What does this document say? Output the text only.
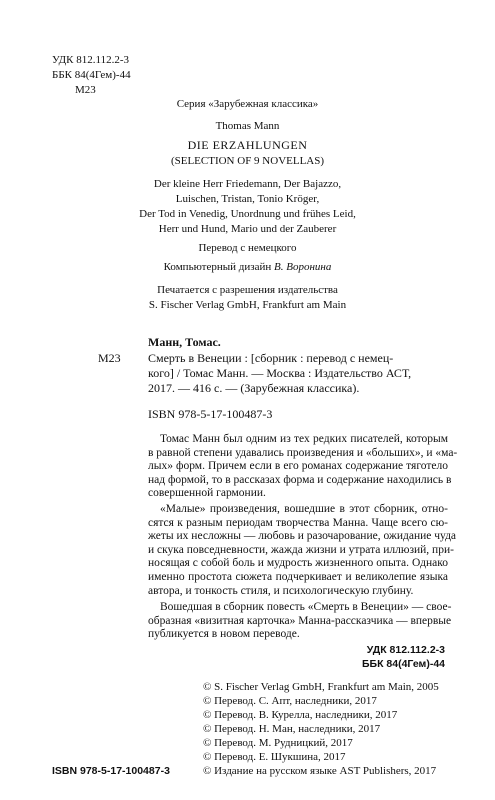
УДК 812.112.2-3
ББК 84(4Гем)-44
М23
Серия «Зарубежная классика»
Thomas Mann
DIE ERZAHLUNGEN
(SELECTION OF 9 NOVELLAS)
Der kleine Herr Friedemann, Der Bajazzo,
Luischen, Tristan, Tonio Kröger,
Der Tod in Venedig, Unordnung und frühes Leid,
Herr und Hund, Mario und der Zauberer
Перевод с немецкого
Компьютерный дизайн В. Воронина
Печатается с разрешения издательства
S. Fischer Verlag GmbH, Frankfurt am Main
Манн, Томас.
М23 Смерть в Венеции : [сборник : перевод с немец-
кого] / Томас Манн. — Москва : Издательство АСТ,
2017. — 416 с. — (Зарубежная классика).
ISBN 978-5-17-100487-3

Томас Манн был одним из тех редких писателей, которым

в равной степени удавались произведения и «больших», и «ма-

лых» форм. Причем если в его романах содержание тяготело

над формой, то в рассказах форма и содержание находились в

совершенной гармонии.

«Малые» произведения, вошедшие в этот сборник, отно-

сятся к разным периодам творчества Манна. Чаще всего сю-

жеты их несложны — любовь и разочарование, ожидание чуда

и скука повседневности, жажда жизни и утрата иллюзий, при-

носящая с собой боль и мудрость жизненного опыта. Однако

именно простота сюжета подчеркивает и великолепие языка

автора, и тонкость стиля, и психологическую глубину.

Вошедшая в сборник повесть «Смерть в Венеции» — свое-

образная «визитная карточка» Манна-рассказчика — впервые

публикуется в новом переводе.

УДК 812.112.2-3
ББК 84(4Гем)-44
© S. Fischer Verlag GmbH, Frankfurt am Main, 2005
© Перевод. С. Апт, наследники, 2017
© Перевод. В. Курелла, наследники, 2017
© Перевод. Н. Ман, наследники, 2017
© Перевод. М. Рудницкий, 2017
© Перевод. Е. Шукшина, 2017
© Издание на русском языке AST Publishers, 2017
ISBN 978-5-17-100487-3
